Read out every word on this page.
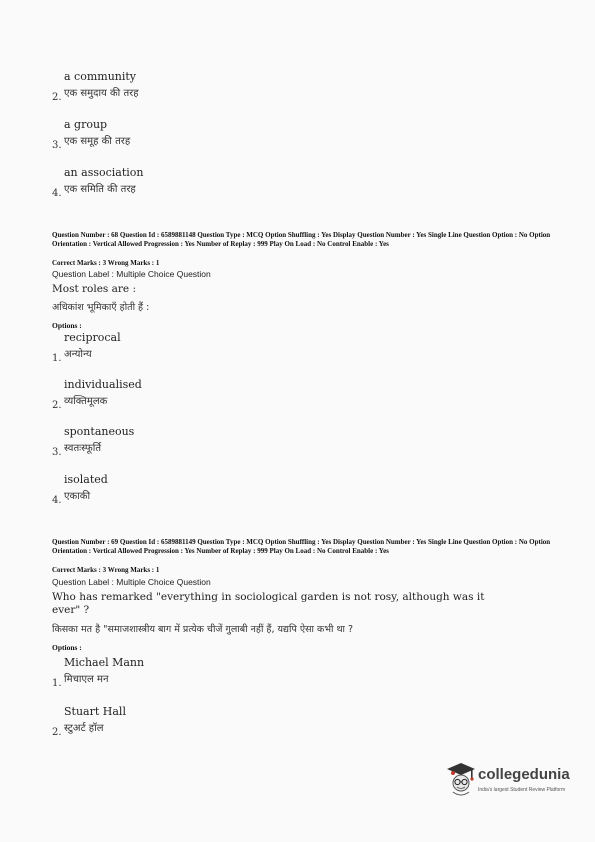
a community
एक समुदाय की तरह
2.
a group
एक समूह की तरह
3.
an association
एक समिति की तरह
4.
Question Number : 68 Question Id : 6589881148 Question Type : MCQ Option Shuffling : Yes Display Question Number : Yes Single Line Question Option : No Option Orientation : Vertical Allowed Progression : Yes Number of Replay : 999 Play On Load : No Control Enable : Yes
Correct Marks : 3 Wrong Marks : 1
Question Label : Multiple Choice Question
Most roles are :
अधिकांश भूमिकाएँ होती हैं :
Options :
reciprocal
अन्योन्य
1.
individualised
व्यक्तिमूलक
2.
spontaneous
स्वतःस्फूर्ति
3.
isolated
एकाकी
4.
Question Number : 69 Question Id : 6589881149 Question Type : MCQ Option Shuffling : Yes Display Question Number : Yes Single Line Question Option : No Option Orientation : Vertical Allowed Progression : Yes Number of Replay : 999 Play On Load : No Control Enable : Yes
Correct Marks : 3 Wrong Marks : 1
Question Label : Multiple Choice Question
Who has remarked "everything in sociological garden is not rosy, although was it ever" ?
किसका मत है "समाजशास्त्रीय बाग में प्रत्येक चीजें गुलाबी नहीं हैं, यद्यपि ऐसा कभी था ?
Options :
Michael Mann
मिचाएल मन
1.
Stuart Hall
स्टुअर्ट हॉल
2.
collegedunia
India's largest Student Review Platform
